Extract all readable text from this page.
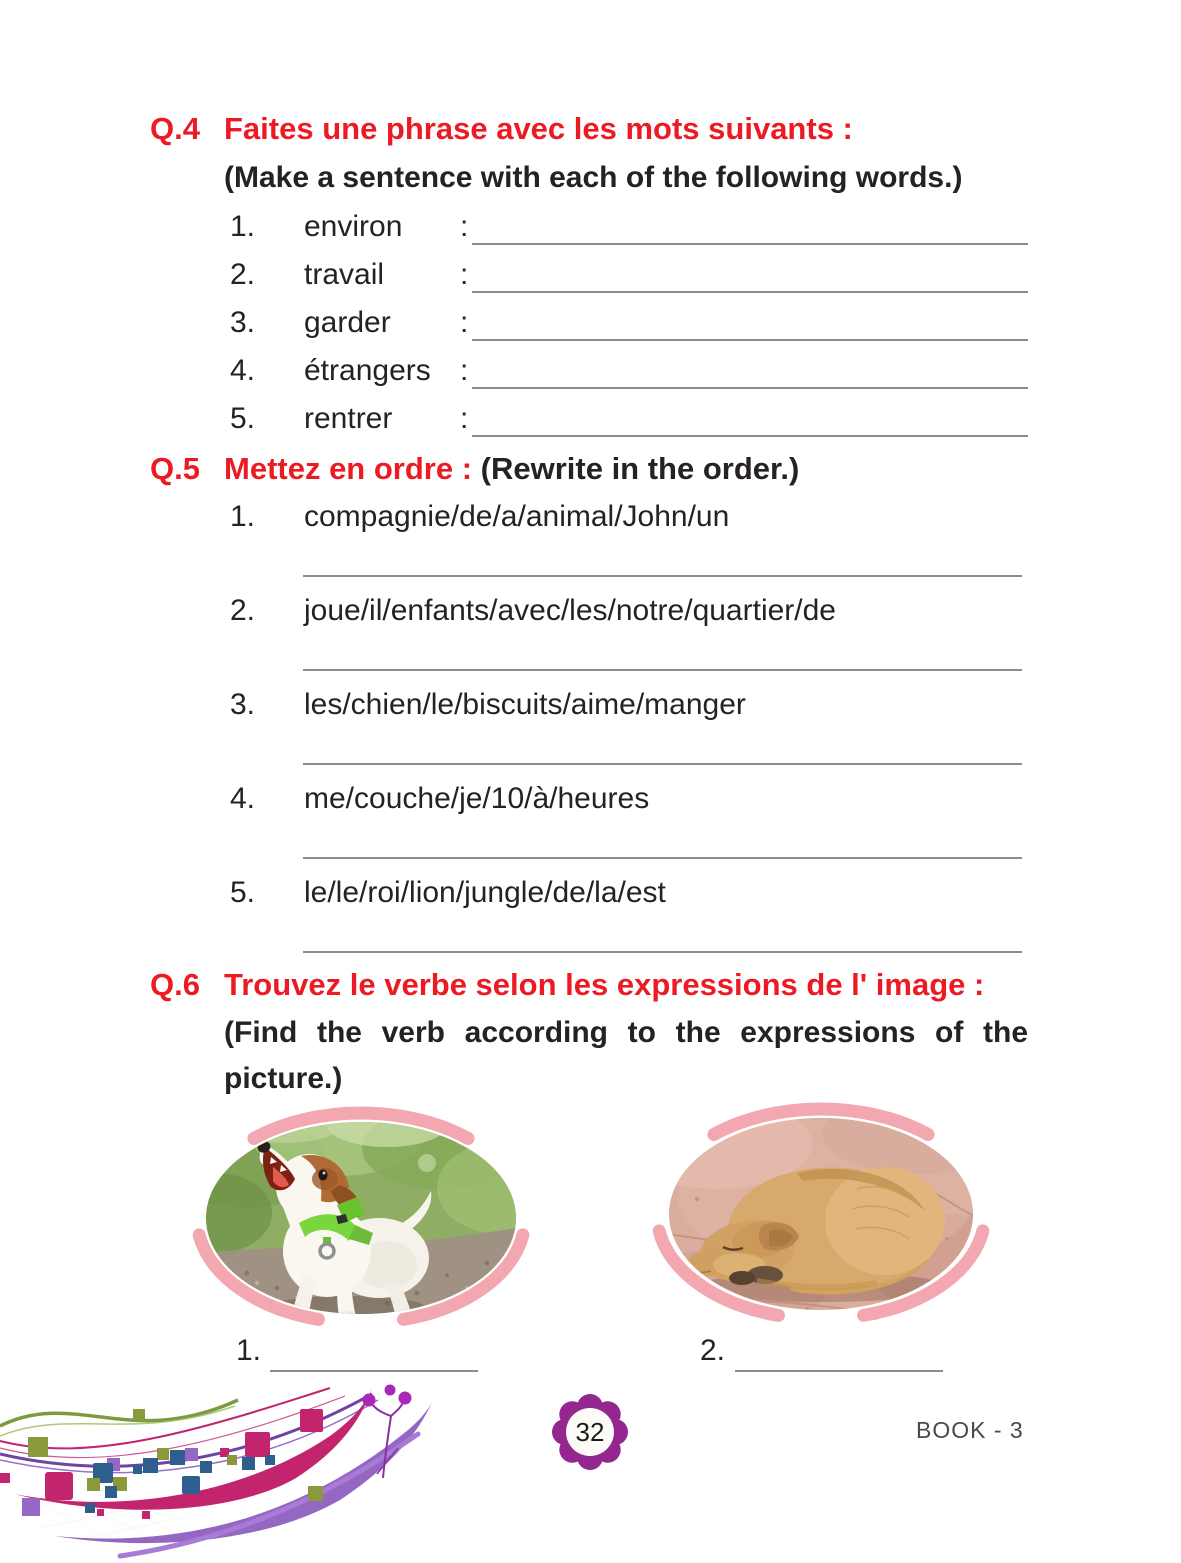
Q.4 Faites une phrase avec les mots suivants :
(Make a sentence with each of the following words.)
1. environ :
2. travail	:
3. garder :
4. étrangers :
5. rentrer :
Q.5 Mettez en ordre : (Rewrite in the order.)
1. compagnie/de/a/animal/John/un
2. joue/il/enfants/avec/les/notre/quartier/de
3. les/chien/le/biscuits/aime/manger
4. me/couche/je/10/à/heures
5. le/le/roi/lion/jungle/de/la/est
Q.6 Trouvez le verbe selon les expressions de l' image :
(Find the verb according to the expressions of the
picture.)
1.	2.
32	BOOK - 3
